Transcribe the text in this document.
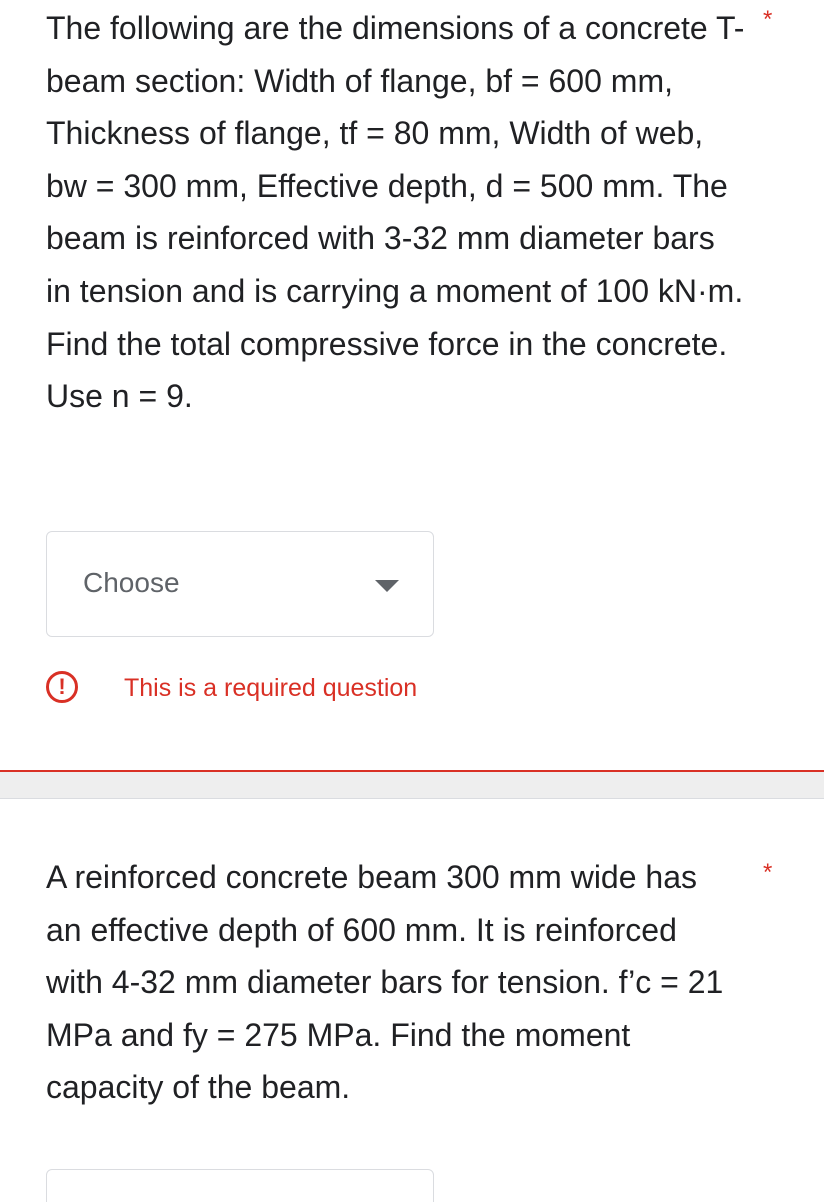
The following are the dimensions of a concrete T-beam section: Width of flange, bf = 600 mm, Thickness of flange, tf = 80 mm, Width of web, bw = 300 mm, Effective depth, d = 500 mm. The beam is reinforced with 3-32 mm diameter bars in tension and is carrying a moment of 100 kN·m. Find the total compressive force in the concrete. Use n = 9.
*
Choose
!	This is a required question
A reinforced concrete beam 300 mm wide has an effective depth of 600 mm. It is reinforced with 4-32 mm diameter bars for tension. f’c = 21 MPa and fy = 275 MPa. Find the moment capacity of the beam.
*
